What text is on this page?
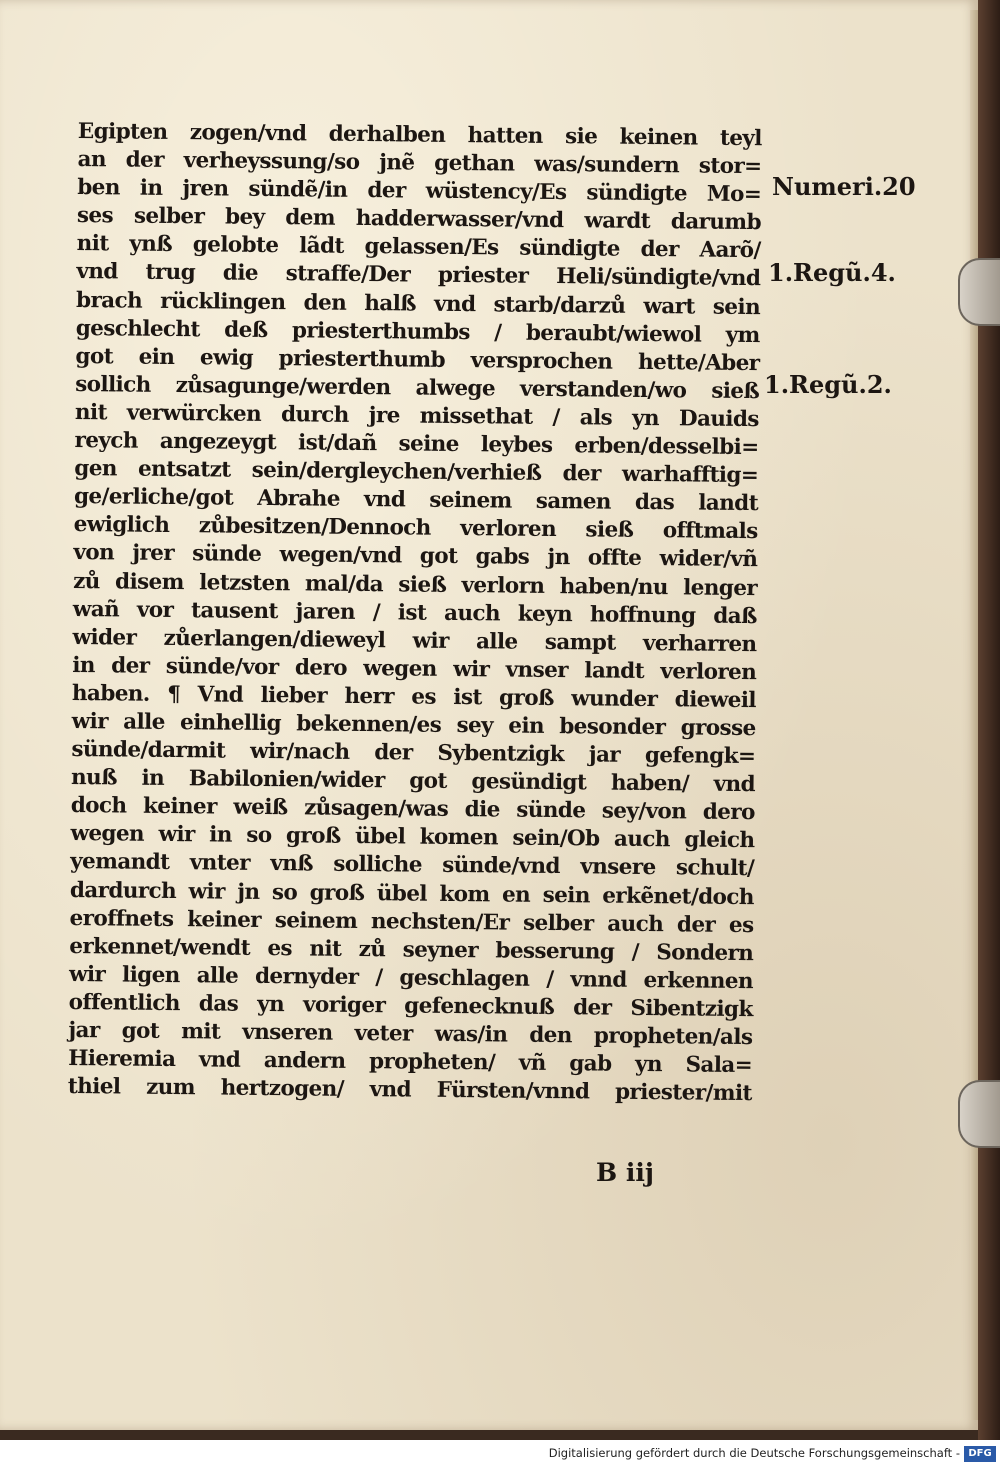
Egipten zogen/vnd derhalben hatten sie keinen teyl
an der verheyssung/so jnẽ gethan was/sundern stor=
ben in jren sündẽ/in der wüstency/Es sündigte Mo=
ses selber bey dem hadderwasser/vnd wardt darumb
nit ynß gelobte lãdt gelassen/Es sündigte der Aarõ/
vnd trug die straffe/Der priester Heli/sündigte/vnd
brach rücklingen den halß vnd starb/darzů wart sein
geschlecht deß priesterthumbs / beraubt/wiewol ym
got ein ewig priesterthumb versprochen hette/Aber
sollich zůsagunge/werden alwege verstanden/wo sieß
nit verwürcken durch jre missethat / als yn Dauids
reych angezeygt ist/dañ seine leybes erben/desselbi=
gen entsatzt sein/dergleychen/verhieß der warhafftig=
ge/erliche/got Abrahe vnd seinem samen das landt
ewiglich zůbesitzen/Dennoch verloren sieß offtmals
von jrer sünde wegen/vnd got gabs jn offte wider/vñ
zů disem letzsten mal/da sieß verlorn haben/nu lenger
wañ vor tausent jaren / ist auch keyn hoffnung daß
wider zůerlangen/dieweyl wir alle sampt verharren
in der sünde/vor dero wegen wir vnser landt verloren
haben. ¶ Vnd lieber herr es ist groß wunder dieweil
wir alle einhellig bekennen/es sey ein besonder grosse
sünde/darmit wir/nach der Sybentzigk jar gefengk=
nuß in Babilonien/wider got gesündigt haben/ vnd
doch keiner weiß zůsagen/was die sünde sey/von dero
wegen wir in so groß übel komen sein/Ob auch gleich
yemandt vnter vnß solliche sünde/vnd vnsere schult/
dardurch wir jn so groß übel kom en sein erkẽnet/doch
eroffnets keiner seinem nechsten/Er selber auch der es
erkennet/wendt es nit zů seyner besserung / Sondern
wir ligen alle dernyder / geschlagen / vnnd erkennen
offentlich das yn voriger gefenecknuß der Sibentzigk
jar got mit vnseren veter was/in den propheten/als
Hieremia vnd andern propheten/ vñ gab yn Sala=
thiel zum hertzogen/ vnd Fürsten/vnnd priester/mit
Numeri.20
1.Regũ.4.
1.Regũ.2.
B iij
Digitalisierung gefördert durch die Deutsche Forschungsgemeinschaft - DFG
